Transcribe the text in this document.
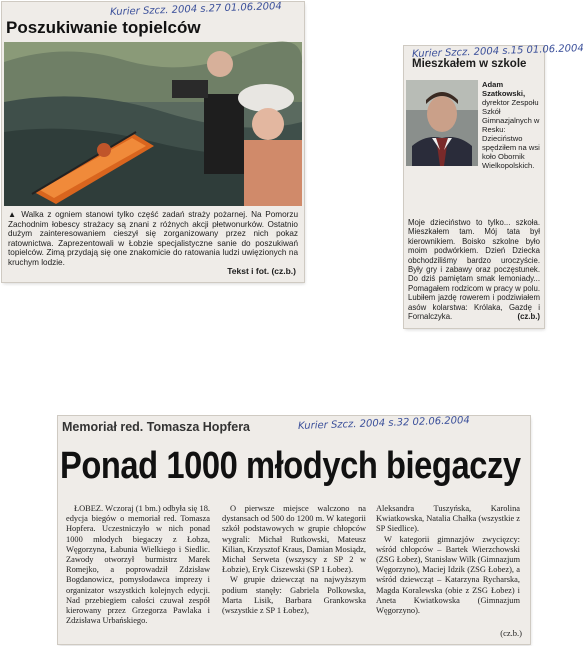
Kurier Szcz. 2004 s.27 01.06.2004
Poszukiwanie topielców
▲ Walka z ogniem stanowi tylko część zadań straży pożarnej. Na Pomorzu Zachodnim łobescy strażacy są znani z różnych akcji płetwonurków. Ostatnio dużym zainteresowaniem cieszył się zorganizowany przez nich pokaz ratownictwa. Zaprezentowali w Łobzie specjalistyczne sanie do poszukiwań topielców. Zimą przydają się one znakomicie do ratowania ludzi uwięzionych na kruchym lodzie.
Tekst i fot. (cz.b.)
Kurier Szcz. 2004 s.15 01.06.2004
Mieszkałem w szkole
Adam Szatkowski, dyrektor Zespołu Szkół Gimnazjalnych w Resku: Dzieciństwo spędziłem na wsi koło Obornik Wielkopolskich.
Moje dzieciństwo to tylko... szkoła. Mieszkałem tam. Mój tata był kierownikiem. Boisko szkolne było moim podwórkiem. Dzień Dziecka obchodziliśmy bardzo uroczyście. Były gry i zabawy oraz poczęstunek. Do dziś pamiętam smak lemoniady... Pomagałem rodzicom w pracy w polu. Lubiłem jazdę rowerem i podziwiałem asów kolarstwa: Królaka, Gazdę i Fornalczyka.	(cz.b.)
Kurier Szcz. 2004 s.32 02.06.2004
Memoriał red. Tomasza Hopfera
Ponad 1000 młodych biegaczy
ŁOBEZ. Wczoraj (1 bm.) odbyła się 18. edycja biegów o memoriał red. Tomasza Hopfera. Uczestniczyło w nich ponad 1000 młodych biegaczy z Łobza, Węgorzyna, Łabunia Wielkiego i Siedlic. Zawody otworzył burmistrz Marek Romejko, a poprowadził Zdzisław Bogdanowicz, pomysłodawca imprezy i organizator wszystkich kolejnych edycji. Nad przebiegiem całości czuwał zespół kierowany przez Grzegorza Pawlaka i Zdzisława Urbańskiego.
O pierwsze miejsce walczono na dystansach od 500 do 1200 m. W kategorii szkół podstawowych w grupie chłopców wygrali: Michał Rutkowski, Mateusz Kilian, Krzysztof Kraus, Damian Mosiądz, Michał Serweta (wszyscy z SP 2 w Łobzie), Eryk Ciszewski (SP 1 Łobez).
W grupie dziewcząt na najwyższym podium stanęły: Gabriela Polkowska, Marta Lisik, Barbara Grankowska (wszystkie z SP 1 Łobez),
Aleksandra Tuszyńska, Karolina Kwiatkowska, Natalia Chałka (wszystkie z SP Siedlice).
W kategorii gimnazjów zwycięzcy: wśród chłopców – Bartek Wierzchowski (ZSG Łobez), Stanisław Wilk (Gimnazjum Węgorzyno), Maciej Idzik (ZSG Łobez), a wśród dziewcząt – Katarzyna Rycharska, Magda Koralewska (obie z ZSG Łobez) i Aneta Kwiatkowska (Gimnazjum Węgorzyno).
(cz.b.)
